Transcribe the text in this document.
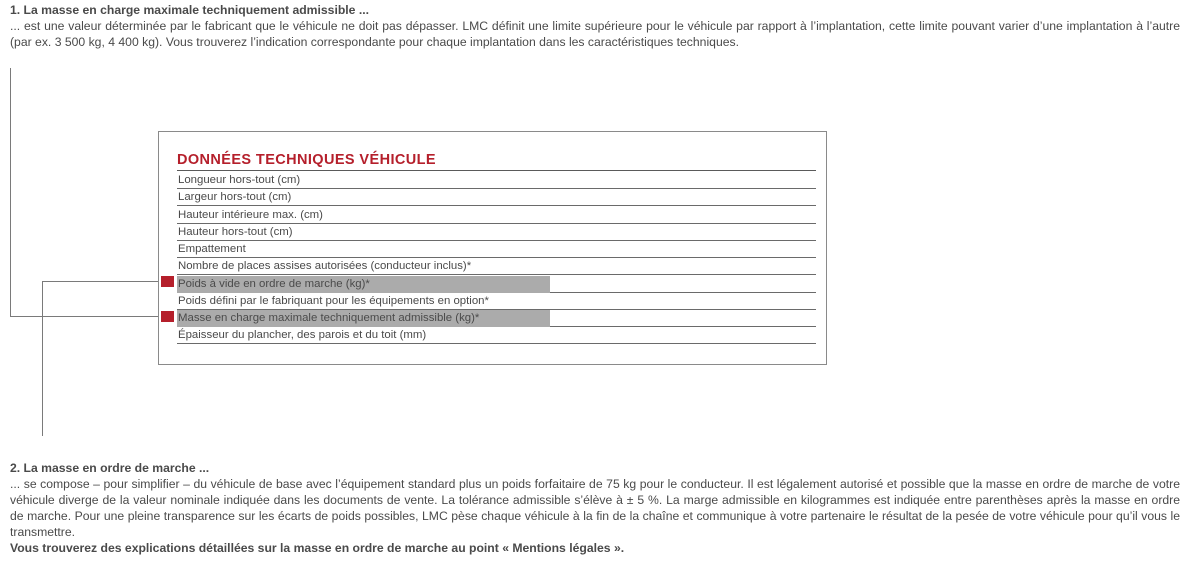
1. La masse en charge maximale techniquement admissible ...
... est une valeur déterminée par le fabricant que le véhicule ne doit pas dépasser. LMC définit une limite supérieure pour le véhicule par rapport à l’implantation, cette limite pouvant varier d’une implantation à l’autre (par ex. 3 500 kg, 4 400 kg). Vous trouverez l’indication correspondante pour chaque implantation dans les caractéristiques techniques.
DONNÉES TECHNIQUES VÉHICULE
Longueur hors-tout (cm)
Largeur hors-tout (cm)
Hauteur intérieure max. (cm)
Hauteur hors-tout (cm)
Empattement
Nombre de places assises autorisées (conducteur inclus)*
Poids à vide en ordre de marche (kg)*
Poids défini par le fabriquant pour les équipements en option*
Masse en charge maximale techniquement admissible (kg)*
Épaisseur du plancher, des parois et du toit (mm)
2. La masse en ordre de marche ...
... se compose – pour simplifier – du véhicule de base avec l’équipement standard plus un poids forfaitaire de 75 kg pour le conducteur. Il est légalement autorisé et possible que la masse en ordre de marche de votre véhicule diverge de la valeur nominale indiquée dans les documents de vente. La tolérance admissible s’élève à ± 5 %. La marge admissible en kilogrammes est indiquée entre parenthèses après la masse en ordre de marche. Pour une pleine transparence sur les écarts de poids possibles, LMC pèse chaque véhicule à la fin de la chaîne et communique à votre partenaire le résultat de la pesée de votre véhicule pour qu’il vous le transmettre.
Vous trouverez des explications détaillées sur la masse en ordre de marche au point « Mentions légales ».
